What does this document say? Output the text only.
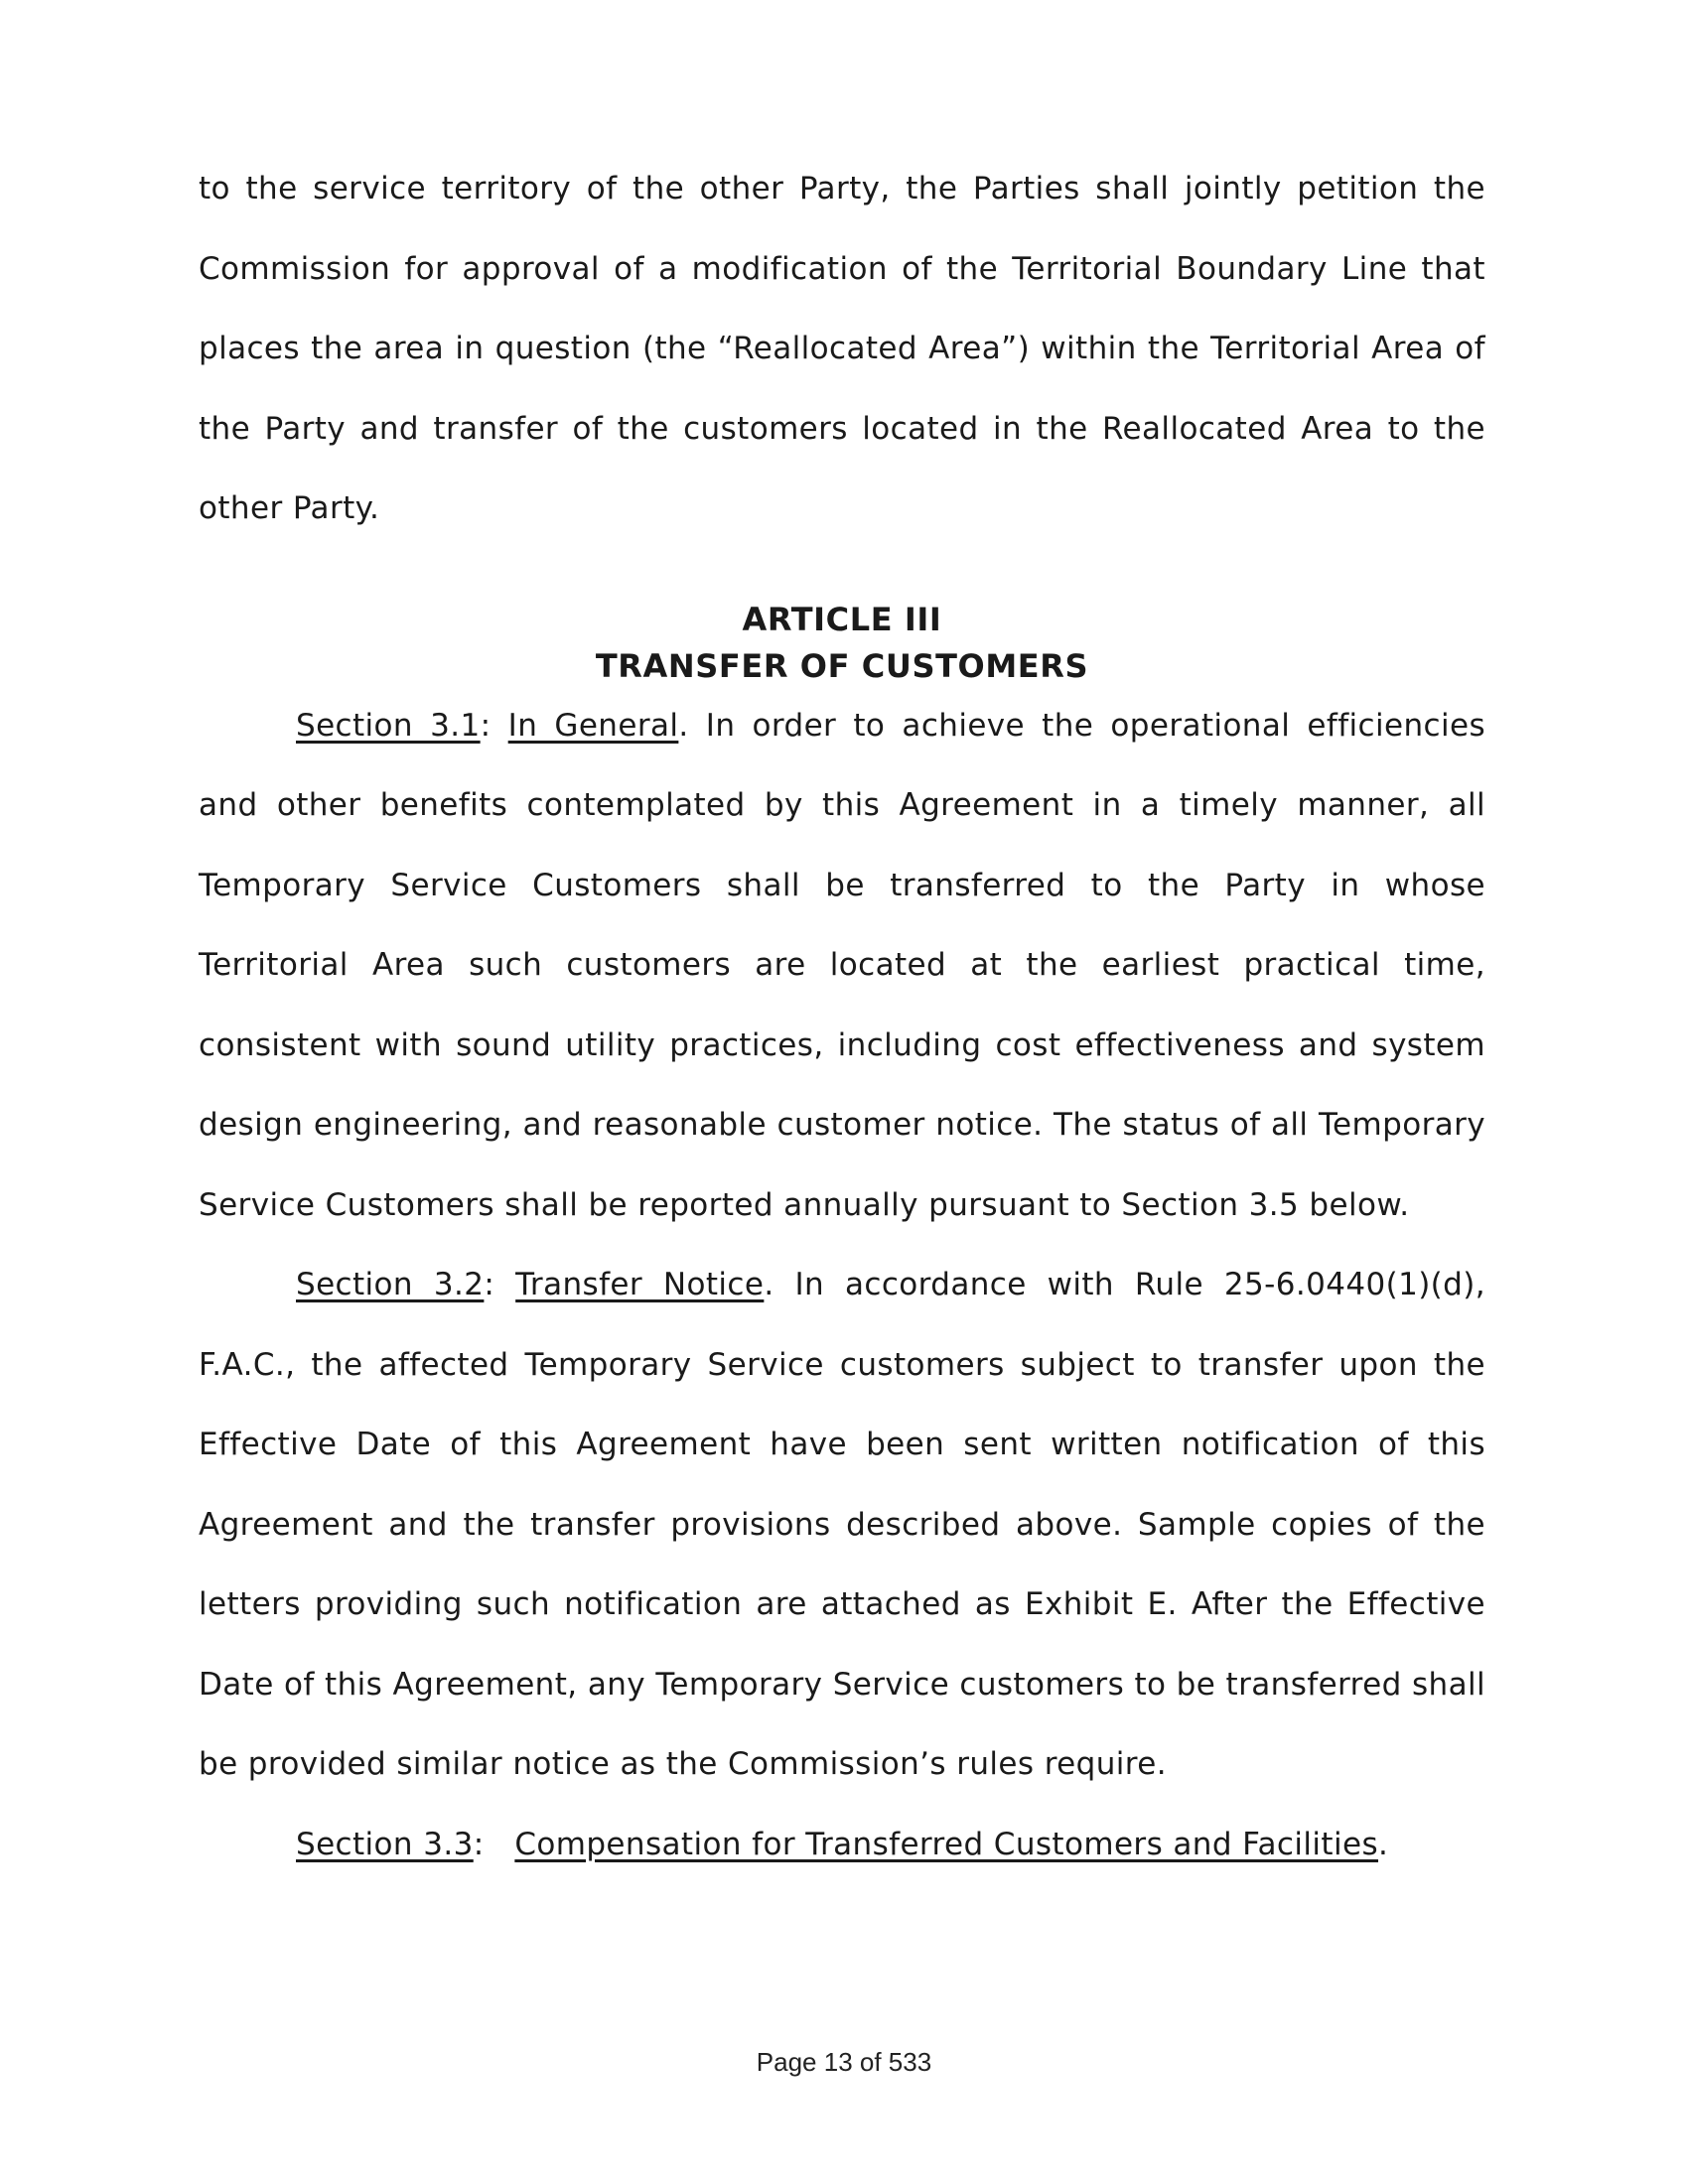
to the service territory of the other Party, the Parties shall jointly petition the Commission for approval of a modification of the Territorial Boundary Line that places the area in question (the “Reallocated Area”) within the Territorial Area of the Party and transfer of the customers located in the Reallocated Area to the other Party.

ARTICLE III
TRANSFER OF CUSTOMERS

Section 3.1: In General. In order to achieve the operational efficiencies and other benefits contemplated by this Agreement in a timely manner, all Temporary Service Customers shall be transferred to the Party in whose Territorial Area such customers are located at the earliest practical time, consistent with sound utility practices, including cost effectiveness and system design engineering, and reasonable customer notice. The status of all Temporary Service Customers shall be reported annually pursuant to Section 3.5 below.

Section 3.2: Transfer Notice. In accordance with Rule 25-6.0440(1)(d), F.A.C., the affected Temporary Service customers subject to transfer upon the Effective Date of this Agreement have been sent written notification of this Agreement and the transfer provisions described above. Sample copies of the letters providing such notification are attached as Exhibit E. After the Effective Date of this Agreement, any Temporary Service customers to be transferred shall be provided similar notice as the Commission’s rules require.

Section 3.3:   Compensation for Transferred Customers and Facilities.

Page 13 of 533
